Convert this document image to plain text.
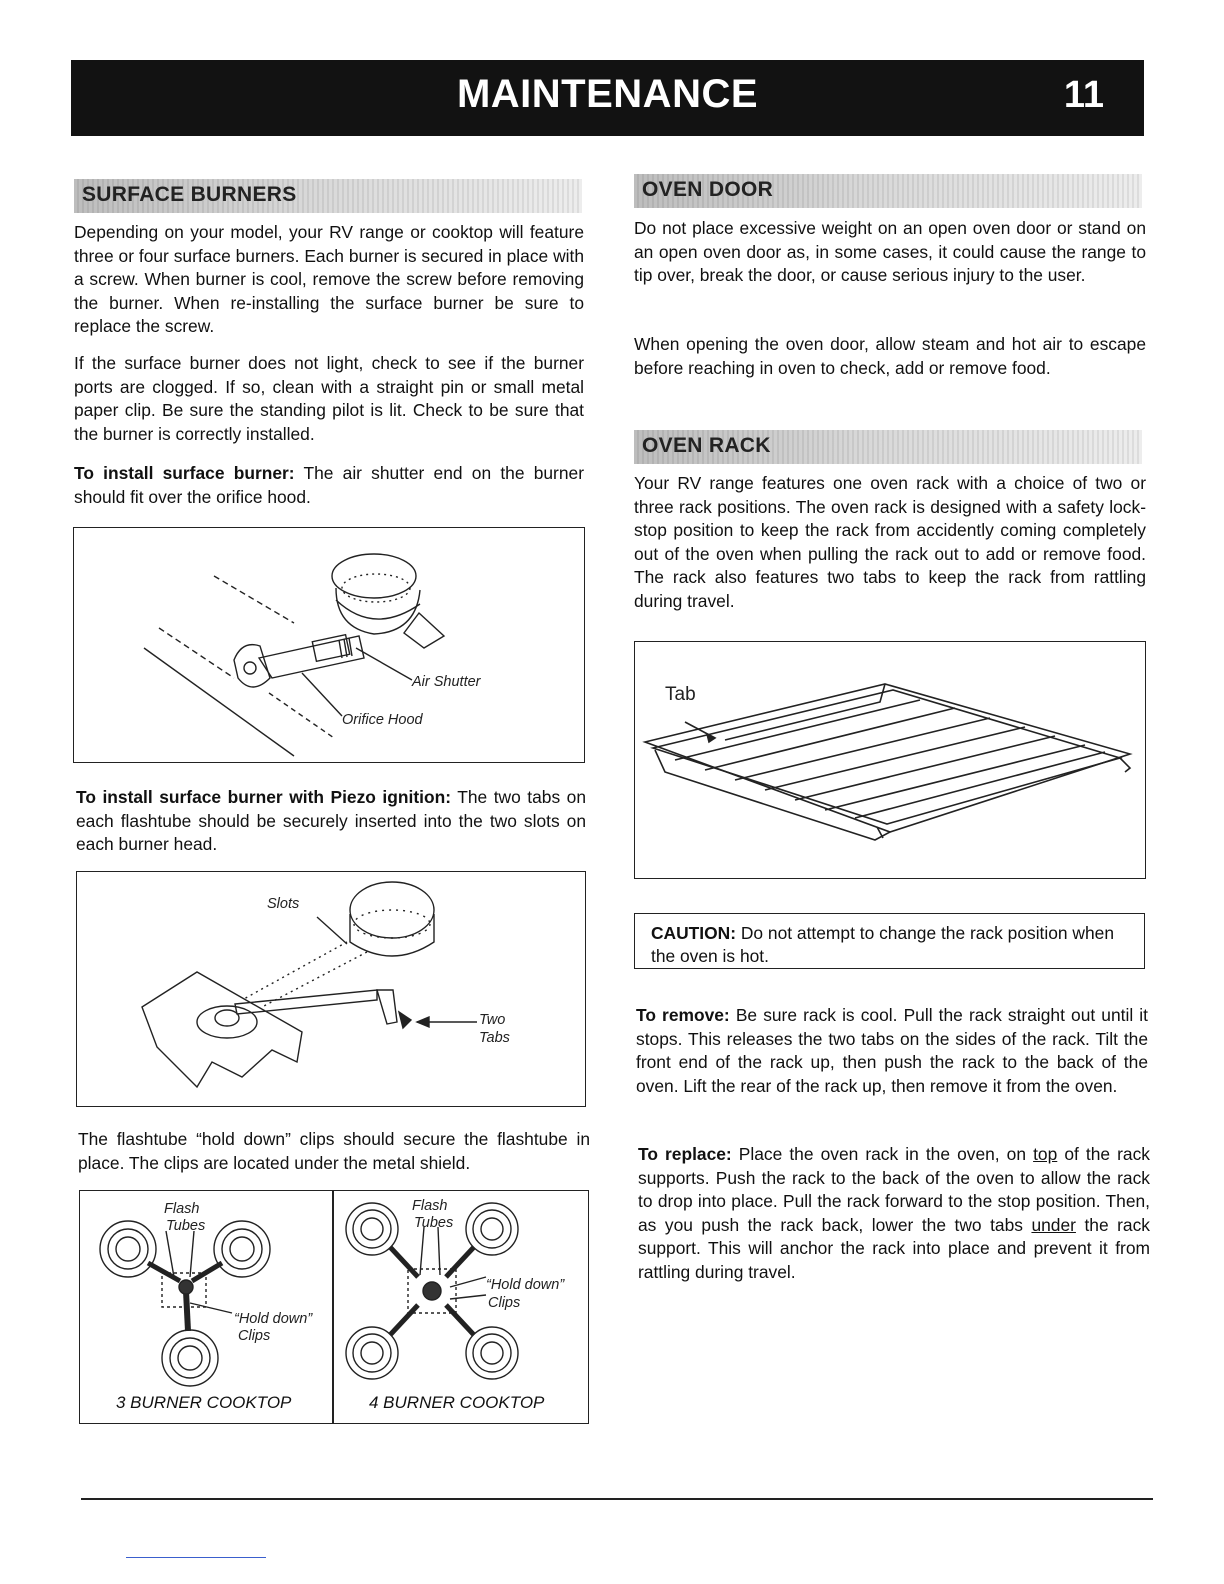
MAINTENANCE	11
SURFACE BURNERS
Depending on your model, your RV range or cooktop will feature three or four surface burners. Each burner is secured in place with a screw. When burner is cool, remove the screw before removing the burner. When re-installing the surface burner be sure to replace the screw.
If the surface burner does not light, check to see if the burner ports are clogged. If so, clean with a straight pin or small metal paper clip. Be sure the standing pilot is lit. Check to be sure that the burner is correctly installed.
To install surface burner: The air shutter end on the burner should fit over the orifice hood.
Air Shutter
Orifice Hood
To install surface burner with Piezo ignition: The two tabs on each flashtube should be securely inserted into the two slots on each burner head.
Slots
Two
Tabs
The flashtube “hold down” clips should secure the flashtube in place. The clips are located under the metal shield.
Flash
Tubes
“Hold down”
Clips
3 BURNER COOKTOP
Flash
Tubes
“Hold down”
Clips
4 BURNER COOKTOP
OVEN DOOR
Do not place excessive weight on an open oven door or stand on an open oven door as, in some cases, it could cause the range to tip over, break the door, or cause serious injury to the user.
When opening the oven door, allow steam and hot air to escape before reaching in oven to check, add or remove food.
OVEN RACK
Your RV range features one oven rack with a choice of two or three rack positions. The oven rack is designed with a safety lock-stop position to keep the rack from accidently coming completely out of the oven when pulling the rack out to add or remove food. The rack also features two tabs to keep the rack from rattling during travel.
Tab
CAUTION: Do not attempt to change the rack position when the oven is hot.
To remove: Be sure rack is cool. Pull the rack straight out until it stops. This releases the two tabs on the sides of the rack. Tilt the front end of the rack up, then push the rack to the back of the oven. Lift the rear of the rack up, then remove it from the oven.
To replace: Place the oven rack in the oven, on top of the rack supports. Push the rack to the back of the oven to allow the rack to drop into place. Pull the rack forward to the stop position. Then, as you push the rack back, lower the two tabs under the rack support. This will anchor the rack into place and prevent it from rattling during travel.
